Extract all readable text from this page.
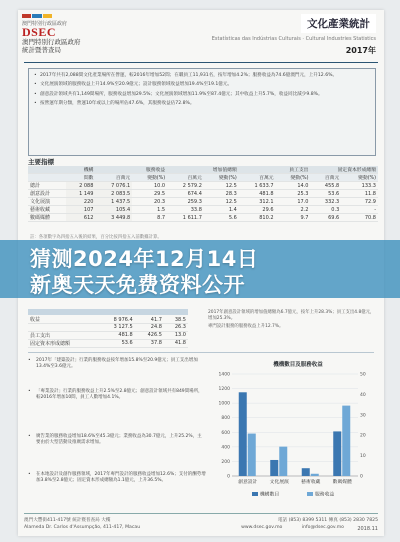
澳門特別行政區政府
DSEC
澳門特別行政區政府
統計暨普查局
文化產業統計
Estatísticas das Indústrias Culturais · Cultural Industries Statistics
2017年

• 2017年共有2,088間文化產業場所在營運，較2016年增加52間；在職員工11,931名，按年增加4.2%；服務收益為74.6億澳門元，上升12.6%。

• 文化展演領域的服務收益上升14.9%至20.9億元；設計服務領域收益增加19.4%至19.1億元。

• 創意設計領域共有1,149間場所，服務收益增加29.5%；文化展演領域增加11.9%至87.4億元；其中收益上升5.7%，收益同比減少9.8%。

• 按營運年期分類，營運10年或以上的場所佔47.6%，其服務收益佔72.8%。

主要指標
	機構	服務收益		增加值總額		員工支出		固定資本形成總額	
	間數	百萬元	變動(%)	百萬元	變動(%)	百萬元	變動(%)	百萬元	變動(%)
總計	2 088	7 076.1	10.0	2 579.2	12.5	1 633.7	14.0	455.8	133.3
創意設計	1 149	2 083.5	29.5	674.4	28.3	481.8	25.3	53.6	11.8
文化展演	220	1 437.5	20.3	259.3	12.5	312.1	17.0	332.3	72.9
藝術收藏	107	105.4	1.5	33.8	1.4	29.6	2.2	0.3	-
數碼媒體	612	3 449.8	8.7	1 611.7	5.6	810.2	9.7	69.6	70.8
註：各項數字為四捨五入後的結果，百分比按四捨五入前數據計算。
收益	8 976.4	41.7	38.5
	3 127.5	24.8	26.3
員工支出	481.8	426.5	13.0
固定資本形成總額	53.6	37.8	41.8

2017年創意設計領域的增加值總額為6.7億元，按年上升28.3%；員工支出4.8億元，增加25.3%。

專門設計服務的服務收益上升12.7%。

• 2017年「建築設計」行業的服務收益按年增加15.8%至20.9億元；員工支出增加13.4%至3.6億元。
• 「專業設計」行業的服務收益上升2.5%至2.8億元；創意設計領域共有849間場所，較2016年增加10間，員工人數增加4.1%。
• 廣告業的服務收益增加18.6%至45.3億元；業務收益為30.7億元，上升25.2%，主要由於大型活動及推廣需求增加。
• 在本地設計及創作服務領域，2017年專門設計的服務收益增加12.6%；支付的酬勞增加3.8%至2.8億元；固定資本形成總額為1.1億元，上升36.5%。
機構數目及服務收益
0
200
400
600
800
1000
1200
1400
0
10
20
30
40
50
創意設計	文化展演	藝術收藏	數碼媒體
機構數目	服務收益
澳門大豐街411-417號 統計暨普查局 大樓
Alameda Dr. Carlos d'Assumpção, 411-417, Macau
電話 (853) 8399 5311 傳真 (853) 2830 7825
www.dsec.gov.mo	info@dsec.gov.mo	2018.11
猜测2024年12月14日
新奥天天免费资料公开
